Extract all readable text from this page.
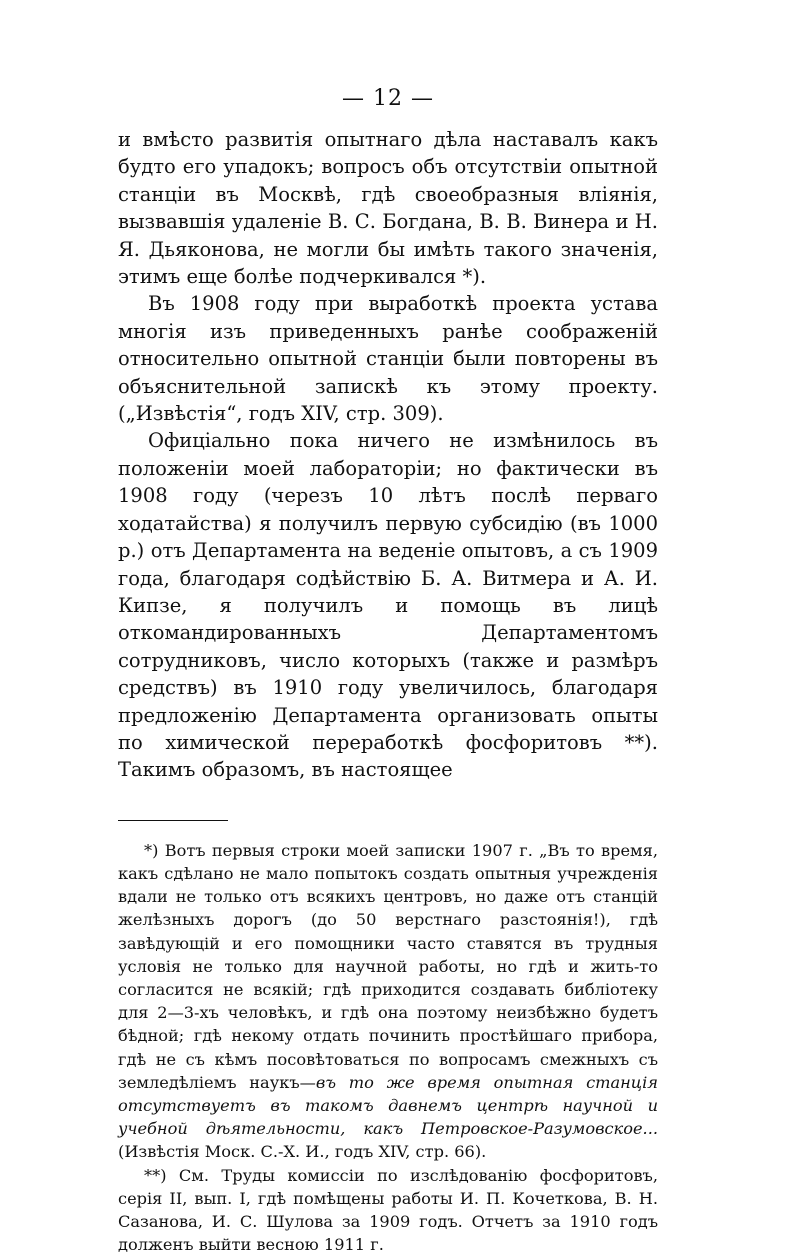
— 12 —

и вмѣсто развитія опытнаго дѣла наставалъ какъ будто его упадокъ; вопросъ объ отсутствіи опытной станціи въ Москвѣ, гдѣ своеобразныя вліянія, вызвавшія удаленіе В. С. Богдана, В. В. Винера и Н. Я. Дьяконова, не могли бы имѣть такого значенія, этимъ еще болѣе подчеркивался *).

Въ 1908 году при выработкѣ проекта устава многія изъ приведенныхъ ранѣе соображеній относительно опытной станціи были повторены въ объяснительной запискѣ къ этому проекту. („Извѣстія“, годъ XIV, стр. 309).

Офиціально пока ничего не измѣнилось въ положеніи моей лабораторіи; но фактически въ 1908 году (черезъ 10 лѣтъ послѣ перваго ходатайства) я получилъ первую субсидію (въ 1000 р.) отъ Департамента на веденіе опытовъ, а съ 1909 года, благодаря содѣйствію Б. А. Витмера и А. И. Кипзе, я получилъ и помощь въ лицѣ откомандированныхъ Департаментомъ сотрудниковъ, число которыхъ (также и размѣръ средствъ) въ 1910 году увеличилось, благодаря предложенію Департамента организовать опыты по химической переработкѣ фосфоритовъ **). Такимъ образомъ, въ настоящее

*) Вотъ первыя строки моей записки 1907 г. „Въ то время, какъ сдѣлано не мало попытокъ создать опытныя учрежденія вдали не только отъ всякихъ центровъ, но даже отъ станцій желѣзныхъ дорогъ (до 50 верстнаго разстоянія!), гдѣ завѣдующій и его помощники часто ставятся въ трудныя условія не только для научной работы, но гдѣ и жить-то согласится не всякій; гдѣ приходится создавать библіотеку для 2—3-хъ человѣкъ, и гдѣ она поэтому неизбѣжно будетъ бѣдной; гдѣ некому отдать починить простѣйшаго прибора, гдѣ не съ кѣмъ посовѣтоваться по вопросамъ смежныхъ съ земледѣліемъ наукъ—въ то же время опытная станція отсутствуетъ въ такомъ давнемъ центрѣ научной и учебной дѣятельности, какъ Петровское-Разумовское... (Извѣстія Моск. С.-Х. И., годъ XIV, стр. 66).

**) См. Труды комиссіи по изслѣдованію фосфоритовъ, серія II, вып. I, гдѣ помѣщены работы И. П. Кочеткова, В. Н. Сазанова, И. С. Шулова за 1909 годъ. Отчетъ за 1910 годъ долженъ выйти весною 1911 г.
